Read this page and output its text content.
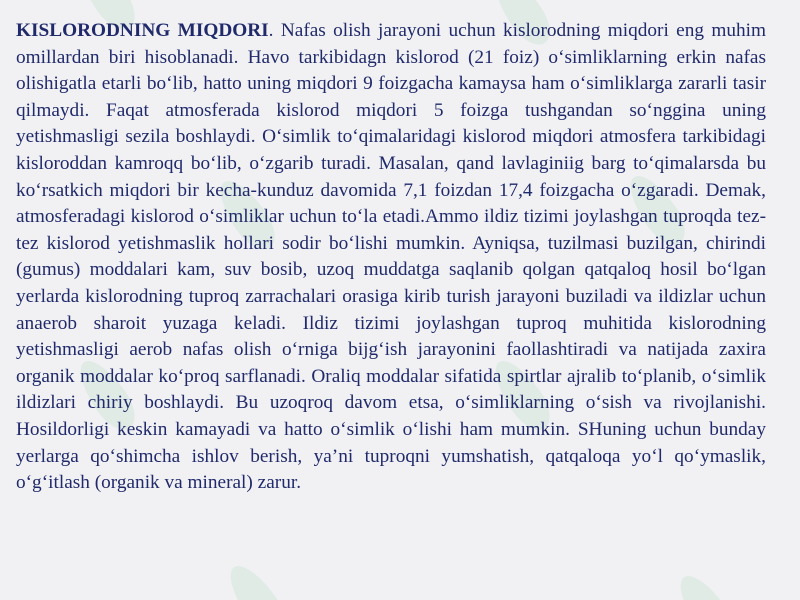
KISLORODNING MIQDORI. Nafas olish jarayoni uchun kislorodning miqdori eng muhim omillardan biri hisoblanadi. Havo tarkibidagn kislorod (21 foiz) o‘simliklarning erkin nafas olishigatla etarli bo‘lib, hatto uning miqdori 9 foizgacha kamaysa ham o‘simliklarga zararli tasir qilmaydi. Faqat atmosferada kislorod miqdori 5 foizga tushgandan so‘nggina uning yetishmasligi sezila boshlaydi. O‘simlik to‘qimalaridagi kislorod miqdori atmosfera tarkibidagi kisloroddan kamroqq bo‘lib, o‘zgarib turadi. Masalan, qand lavlaginiig barg to‘qimalarsda bu ko‘rsatkich miqdori bir kecha-kunduz davomida 7,1 foizdan 17,4 foizgacha o‘zgaradi. Demak, atmosferadagi kislorod o‘simliklar uchun to‘la etadi.Ammo ildiz tizimi joylashgan tuproqda tez-tez kislorod yetishmaslik hollari sodir bo‘lishi mumkin. Ayniqsa, tuzilmasi buzilgan, chirindi (gumus) moddalari kam, suv bosib, uzoq muddatga saqlanib qolgan qatqaloq hosil bo‘lgan yerlarda kislorodning tuproq zarrachalari orasiga kirib turish jarayoni buziladi va ildizlar uchun anaerob sharoit yuzaga keladi. Ildiz tizimi joylashgan tuproq muhitida kislorodning yetishmasligi aerob nafas olish o‘rniga bijg‘ish jarayonini faollashtiradi va natijada zaxira organik moddalar ko‘proq sarflanadi. Oraliq moddalar sifatida spirtlar ajralib to‘planib, o‘simlik ildizlari chiriy boshlaydi. Bu uzoqroq davom etsa, o‘simliklarning o‘sish va rivojlanishi. Hosildorligi keskin kamayadi va hatto o‘simlik o‘lishi ham mumkin. SHuning uchun bunday yerlarga qo‘shimcha ishlov berish, ya’ni tuproqni yumshatish, qatqaloqa yo‘l qo‘ymaslik, o‘g‘itlash (organik va mineral) zarur.
